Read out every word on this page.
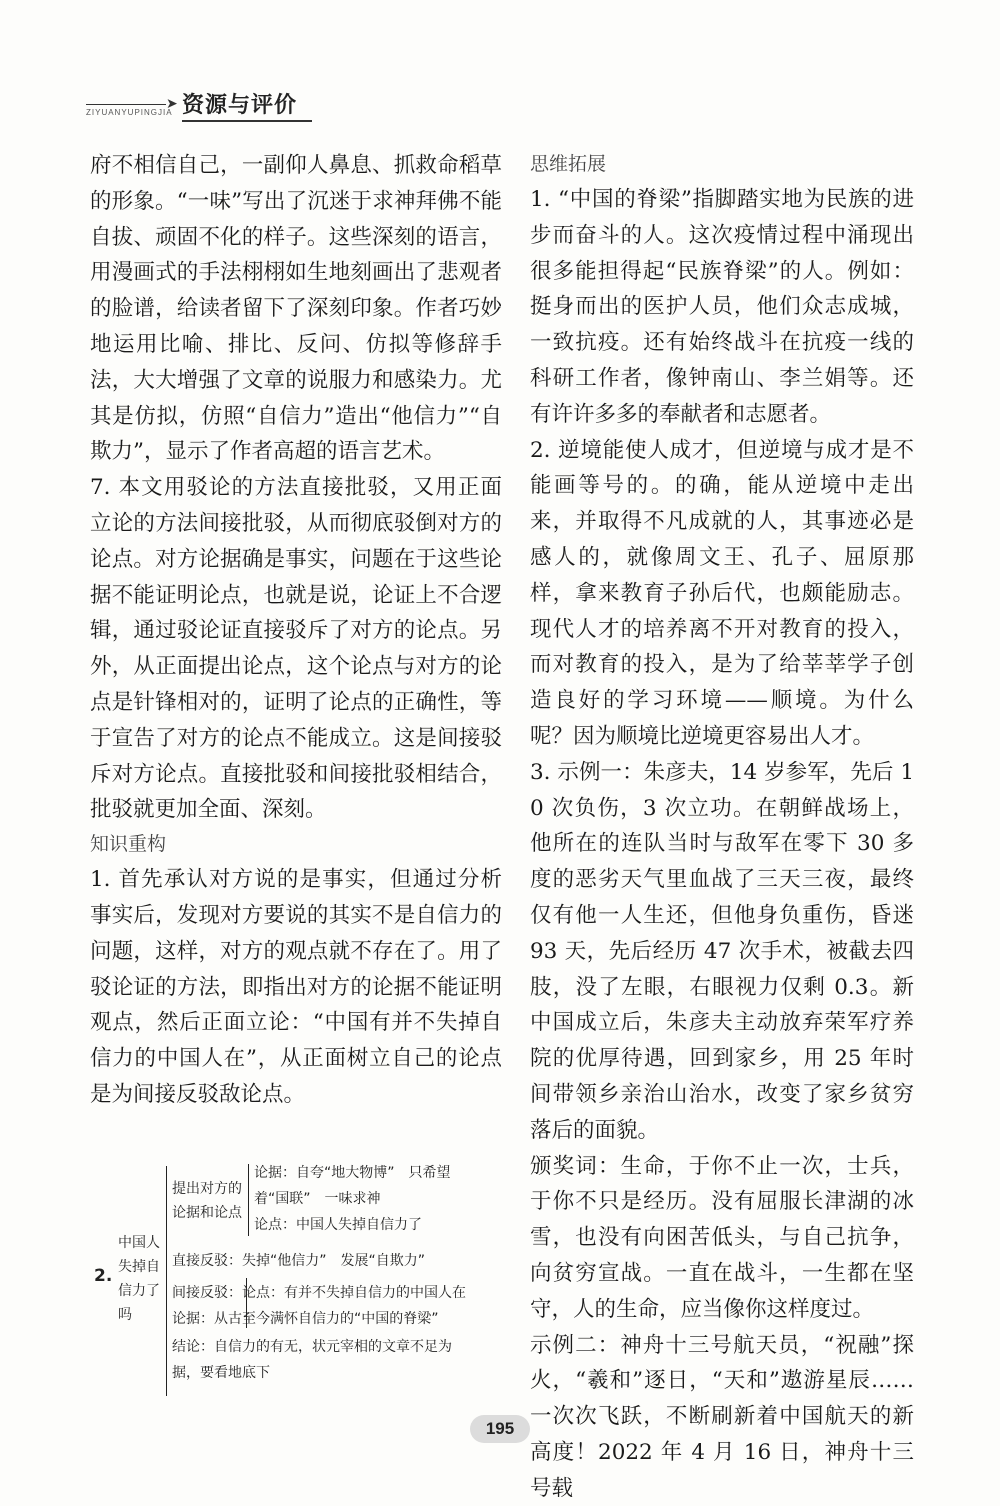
ZIYUANYUPINGJIA
➤ 资源与评价

府不相信自己，一副仰人鼻息、抓救命稻草的形象。“一味”写出了沉迷于求神拜佛不能自拔、顽固不化的样子。这些深刻的语言，用漫画式的手法栩栩如生地刻画出了悲观者的脸谱，给读者留下了深刻印象。作者巧妙地运用比喻、排比、反问、仿拟等修辞手法，大大增强了文章的说服力和感染力。尤其是仿拟，仿照“自信力”造出“他信力”“自欺力”，显示了作者高超的语言艺术。

7. 本文用驳论的方法直接批驳，又用正面立论的方法间接批驳，从而彻底驳倒对方的论点。对方论据确是事实，问题在于这些论据不能证明论点，也就是说，论证上不合逻辑，通过驳论证直接驳斥了对方的论点。另外，从正面提出论点，这个论点与对方的论点是针锋相对的，证明了论点的正确性，等于宣告了对方的论点不能成立。这是间接驳斥对方论点。直接批驳和间接批驳相结合，批驳就更加全面、深刻。

知识重构

1. 首先承认对方说的是事实，但通过分析事实后，发现对方要说的其实不是自信力的问题，这样，对方的观点就不存在了。用了驳论证的方法，即指出对方的论据不能证明观点，然后正面立论：“中国有并不失掉自信力的中国人在”，从正面树立自己的论点是为间接反驳敌论点。

2.
中国人
失掉自
信力了
吗
提出对方的
论据和论点
论据：自夸“地大物博”　只希望
着“国联”　一味求神
论点：中国人失掉自信力了
直接反驳：失掉“他信力”　发展“自欺力”
间接反驳：论点：有并不失掉自信力的中国人在
论据：从古至今满怀自信力的“中国的脊梁”
结论：自信力的有无，状元宰相的文章不足为
据，要看地底下
思维拓展

1. “中国的脊梁”指脚踏实地为民族的进步而奋斗的人。这次疫情过程中涌现出很多能担得起“民族脊梁”的人。例如：挺身而出的医护人员，他们众志成城，一致抗疫。还有始终战斗在抗疫一线的科研工作者，像钟南山、李兰娟等。还有许许多多的奉献者和志愿者。

2. 逆境能使人成才，但逆境与成才是不能画等号的。的确，能从逆境中走出来，并取得不凡成就的人，其事迹必是感人的，就像周文王、孔子、屈原那样，拿来教育子孙后代，也颇能励志。现代人才的培养离不开对教育的投入，而对教育的投入，是为了给莘莘学子创造良好的学习环境——顺境。为什么呢？因为顺境比逆境更容易出人才。

3. 示例一：朱彦夫，14 岁参军，先后 10 次负伤，3 次立功。在朝鲜战场上，他所在的连队当时与敌军在零下 30 多度的恶劣天气里血战了三天三夜，最终仅有他一人生还，但他身负重伤，昏迷 93 天，先后经历 47 次手术，被截去四肢，没了左眼，右眼视力仅剩 0.3。新中国成立后，朱彦夫主动放弃荣军疗养院的优厚待遇，回到家乡，用 25 年时间带领乡亲治山治水，改变了家乡贫穷落后的面貌。

颁奖词：生命，于你不止一次，士兵，于你不只是经历。没有屈服长津湖的冰雪，也没有向困苦低头，与自己抗争，向贫穷宣战。一直在战斗，一生都在坚守，人的生命，应当像你这样度过。

示例二：神舟十三号航天员，“祝融”探火，“羲和”逐日，“天和”遨游星辰……一次次飞跃，不断刷新着中国航天的新高度！2022 年 4 月 16 日，神舟十三号载

195
